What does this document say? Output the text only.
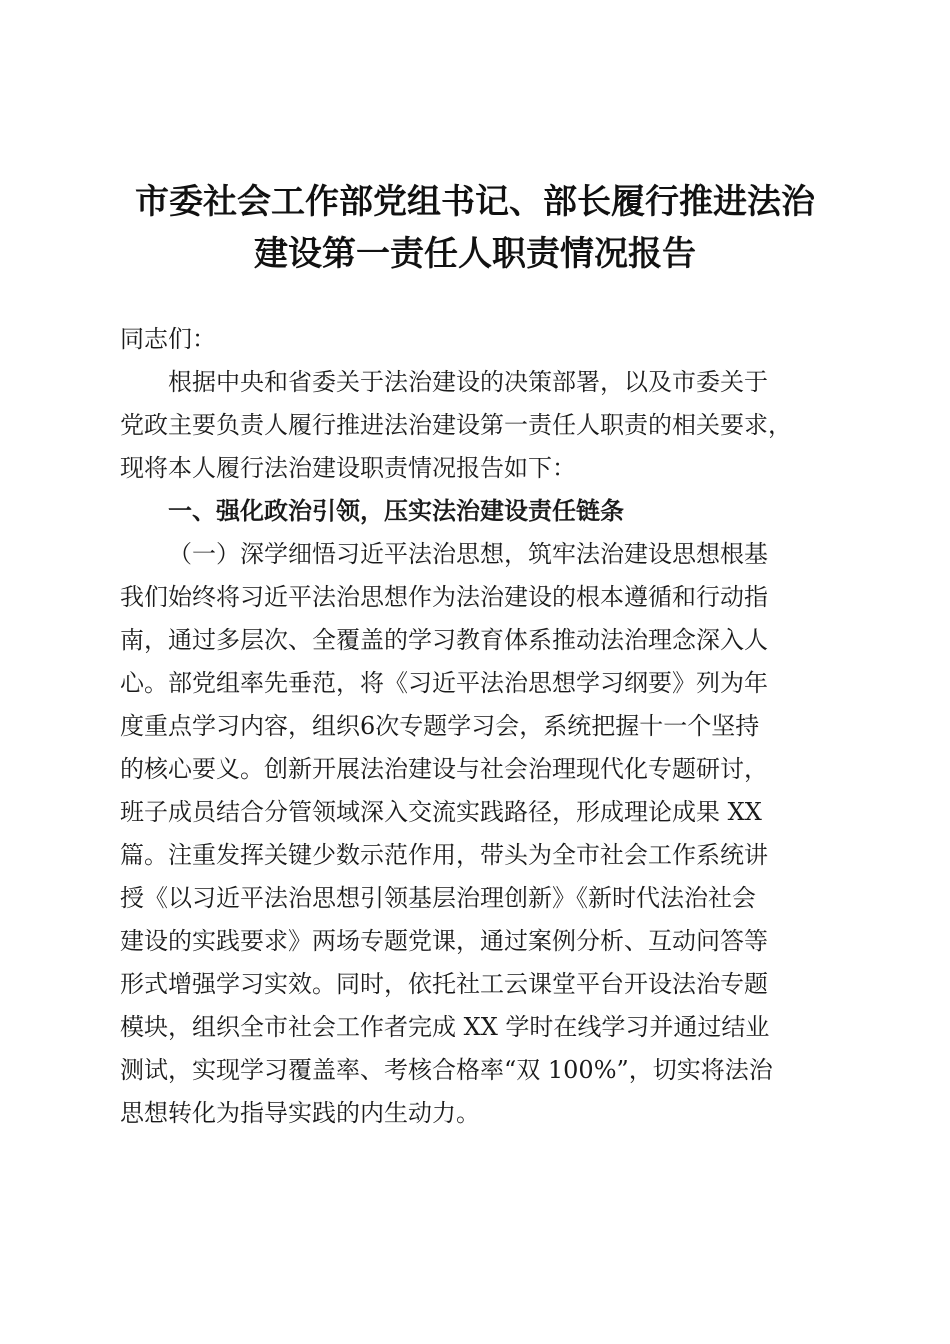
市委社会工作部党组书记、部长履行推进法治
建设第一责任人职责情况报告

同志们：

根据中央和省委关于法治建设的决策部署，以及市委关于

党政主要负责人履行推进法治建设第一责任人职责的相关要求，

现将本人履行法治建设职责情况报告如下：

一、强化政治引领，压实法治建设责任链条

（一）深学细悟习近平法治思想，筑牢法治建设思想根基

我们始终将习近平法治思想作为法治建设的根本遵循和行动指

南，通过多层次、全覆盖的学习教育体系推动法治理念深入人

心。部党组率先垂范，将《习近平法治思想学习纲要》列为年

度重点学习内容，组织6次专题学习会，系统把握十一个坚持

的核心要义。创新开展法治建设与社会治理现代化专题研讨，

班子成员结合分管领域深入交流实践路径，形成理论成果 XX

篇。注重发挥关键少数示范作用，带头为全市社会工作系统讲

授《以习近平法治思想引领基层治理创新》《新时代法治社会

建设的实践要求》两场专题党课，通过案例分析、互动问答等

形式增强学习实效。同时，依托社工云课堂平台开设法治专题

模块，组织全市社会工作者完成 XX 学时在线学习并通过结业

测试，实现学习覆盖率、考核合格率“双 100%”，切实将法治

思想转化为指导实践的内生动力。
